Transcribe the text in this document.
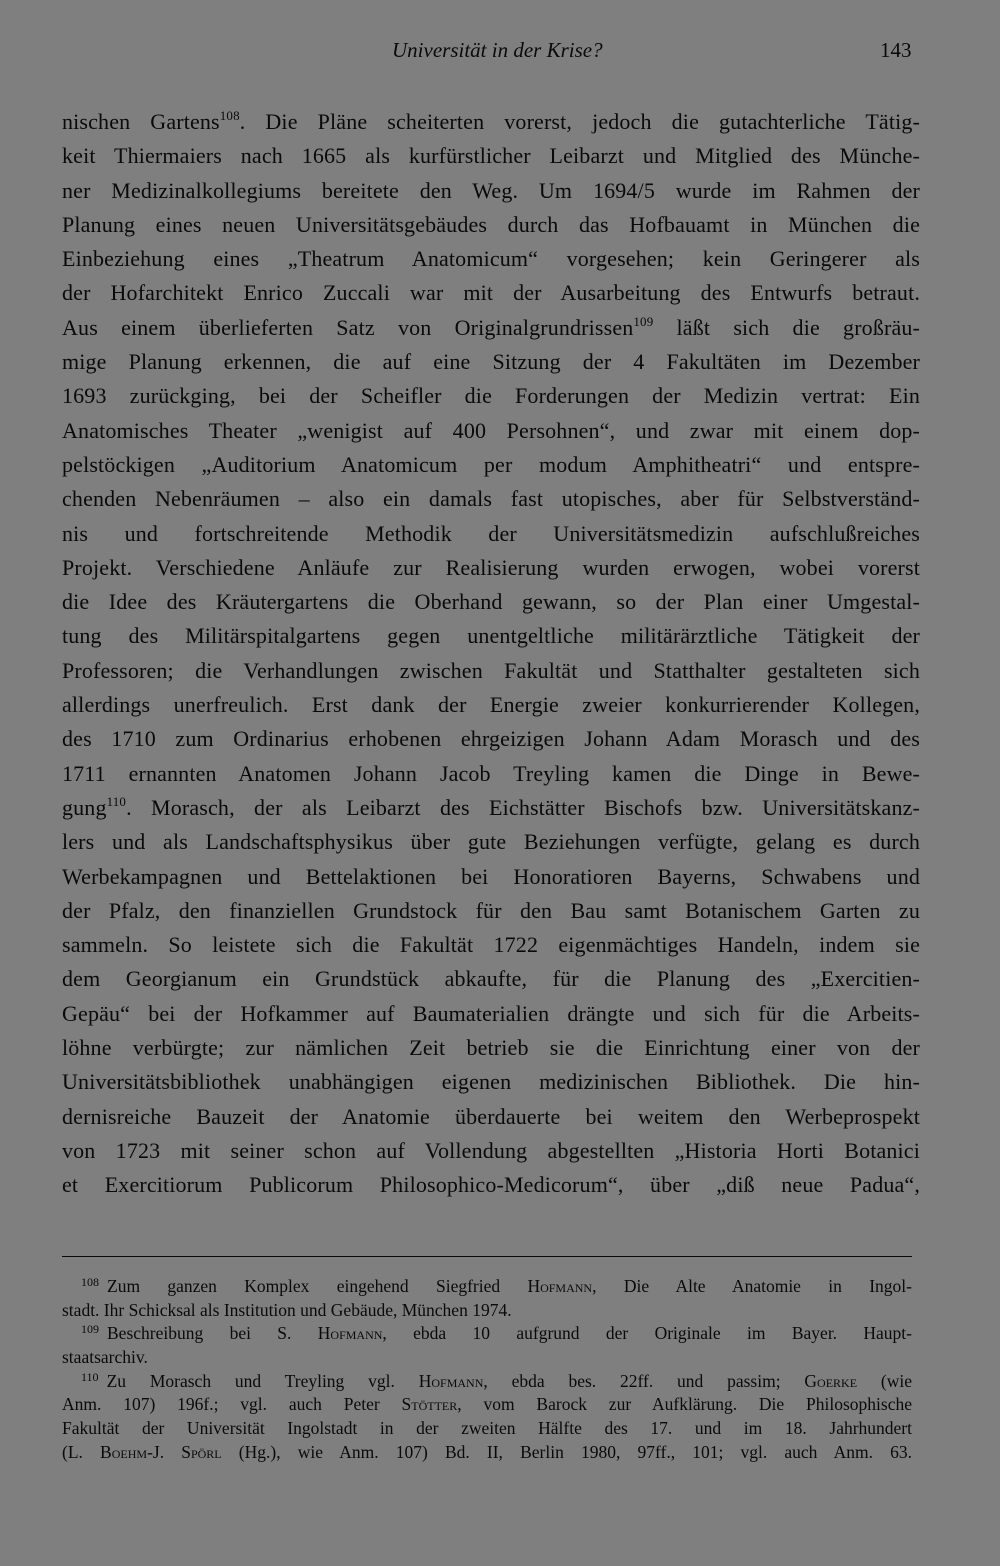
Universität in der Krise?	143
nischen Gartens$^{108}$. Die Pläne scheiterten vorerst, jedoch die gutachterliche Tätig-
keit Thiermaiers nach 1665 als kurfürstlicher Leibarzt und Mitglied des Münche-
ner Medizinalkollegiums bereitete den Weg. Um 1694/5 wurde im Rahmen der
Planung eines neuen Universitätsgebäudes durch das Hofbauamt in München die
Einbeziehung eines „Theatrum Anatomicum“ vorgesehen; kein Geringerer als
der Hofarchitekt Enrico Zuccali war mit der Ausarbeitung des Entwurfs betraut.
Aus einem überlieferten Satz von Originalgrundrissen$^{109}$ läßt sich die großräu-
mige Planung erkennen, die auf eine Sitzung der 4 Fakultäten im Dezember
1693 zurückging, bei der Scheifler die Forderungen der Medizin vertrat: Ein
Anatomisches Theater „wenigist auf 400 Persohnen“, und zwar mit einem dop-
pelstöckigen „Auditorium Anatomicum per modum Amphitheatri“ und entspre-
chenden Nebenräumen – also ein damals fast utopisches, aber für Selbstverständ-
nis und fortschreitende Methodik der Universitätsmedizin aufschlußreiches
Projekt. Verschiedene Anläufe zur Realisierung wurden erwogen, wobei vorerst
die Idee des Kräutergartens die Oberhand gewann, so der Plan einer Umgestal-
tung des Militärspitalgartens gegen unentgeltliche militärärztliche Tätigkeit der
Professoren; die Verhandlungen zwischen Fakultät und Statthalter gestalteten sich
allerdings unerfreulich. Erst dank der Energie zweier konkurrierender Kollegen,
des 1710 zum Ordinarius erhobenen ehrgeizigen Johann Adam Morasch und des
1711 ernannten Anatomen Johann Jacob Treyling kamen die Dinge in Bewe-
gung$^{110}$. Morasch, der als Leibarzt des Eichstätter Bischofs bzw. Universitätskanz-
lers und als Landschaftsphysikus über gute Beziehungen verfügte, gelang es durch
Werbekampagnen und Bettelaktionen bei Honoratioren Bayerns, Schwabens und
der Pfalz, den finanziellen Grundstock für den Bau samt Botanischem Garten zu
sammeln. So leistete sich die Fakultät 1722 eigenmächtiges Handeln, indem sie
dem Georgianum ein Grundstück abkaufte, für die Planung des „Exercitien-
Gepäu“ bei der Hofkammer auf Baumaterialien drängte und sich für die Arbeits-
löhne verbürgte; zur nämlichen Zeit betrieb sie die Einrichtung einer von der
Universitätsbibliothek unabhängigen eigenen medizinischen Bibliothek. Die hin-
dernisreiche Bauzeit der Anatomie überdauerte bei weitem den Werbeprospekt
von 1723 mit seiner schon auf Vollendung abgestellten „Historia Horti Botanici
et Exercitiorum Publicorum Philosophico-Medicorum“, über „diß neue Padua“,
$^{108}$ Zum ganzen Komplex eingehend Siegfried Hofmann, Die Alte Anatomie in Ingol-
stadt. Ihr Schicksal als Institution und Gebäude, München 1974.
$^{109}$ Beschreibung bei S. Hofmann, ebda 10 aufgrund der Originale im Bayer. Haupt-
staatsarchiv.
$^{110}$ Zu Morasch und Treyling vgl. Hofmann, ebda bes. 22ff. und passim; Goerke (wie
Anm. 107) 196f.; vgl. auch Peter Stötter, vom Barock zur Aufklärung. Die Philosophische
Fakultät der Universität Ingolstadt in der zweiten Hälfte des 17. und im 18. Jahrhundert
(L. Boehm-J. Spörl (Hg.), wie Anm. 107) Bd. II, Berlin 1980, 97ff., 101; vgl. auch Anm. 63.
